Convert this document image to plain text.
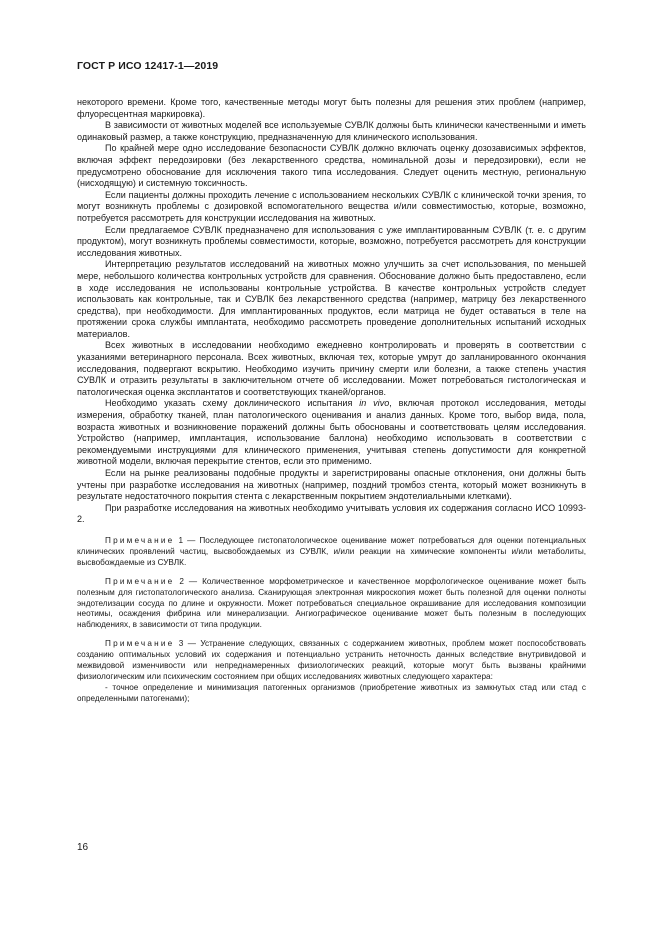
ГОСТ Р ИСО 12417-1—2019

некоторого времени. Кроме того, качественные методы могут быть полезны для решения этих проблем (например, флуоресцентная маркировка).

В зависимости от животных моделей все используемые СУВЛК должны быть клинически качественными и иметь одинаковый размер, а также конструкцию, предназначенную для клинического использования.

По крайней мере одно исследование безопасности СУВЛК должно включать оценку дозозависимых эффектов, включая эффект передозировки (без лекарственного средства, номинальной дозы и передозировки), если не предусмотрено обоснование для исключения такого типа исследования. Следует оценить местную, региональную (нисходящую) и системную токсичность.

Если пациенты должны проходить лечение с использованием нескольких СУВЛК с клинической точки зрения, то могут возникнуть проблемы с дозировкой вспомогательного вещества и/или совместимостью, которые, возможно, потребуется рассмотреть для конструкции исследования на животных.

Если предлагаемое СУВЛК предназначено для использования с уже имплантированным СУВЛК (т. е. с другим продуктом), могут возникнуть проблемы совместимости, которые, возможно, потребуется рассмотреть для конструкции исследования животных.

Интерпретацию результатов исследований на животных можно улучшить за счет использования, по меньшей мере, небольшого количества контрольных устройств для сравнения. Обоснование должно быть предоставлено, если в ходе исследования не использованы контрольные устройства. В качестве контрольных устройств следует использовать как контрольные, так и СУВЛК без лекарственного средства (например, матрицу без лекарственного средства), при необходимости. Для имплантированных продуктов, если матрица не будет оставаться в теле на протяжении срока службы имплантата, необходимо рассмотреть проведение дополнительных испытаний исходных материалов.

Всех животных в исследовании необходимо ежедневно контролировать и проверять в соответствии с указаниями ветеринарного персонала. Всех животных, включая тех, которые умрут до запланированного окончания исследования, подвергают вскрытию. Необходимо изучить причину смерти или болезни, а также степень участия СУВЛК и отразить результаты в заключительном отчете об исследовании. Может потребоваться гистологическая и патологическая оценка эксплантатов и соответствующих тканей/органов.

Необходимо указать схему доклинического испытания in vivo, включая протокол исследования, методы измерения, обработку тканей, план патологического оценивания и анализ данных. Кроме того, выбор вида, пола, возраста животных и возникновение поражений должны быть обоснованы и соответствовать целям исследования. Устройство (например, имплантация, использование баллона) необходимо использовать в соответствии с рекомендуемыми инструкциями для клинического применения, учитывая степень допустимости для конкретной животной модели, включая перекрытие стентов, если это применимо.

Если на рынке реализованы подобные продукты и зарегистрированы опасные отклонения, они должны быть учтены при разработке исследования на животных (например, поздний тромбоз стента, который может возникнуть в результате недостаточного покрытия стента с лекарственным покрытием эндотелиальными клетками).

При разработке исследования на животных необходимо учитывать условия их содержания согласно ИСО 10993-2.

Примечание 1 — Последующее гистопатологическое оценивание может потребоваться для оценки потенциальных клинических проявлений частиц, высвобождаемых из СУВЛК, и/или реакции на химические компоненты и/или метаболиты, высвобождаемые из СУВЛК.

Примечание 2 — Количественное морфометрическое и качественное морфологическое оценивание может быть полезным для гистопатологического анализа. Сканирующая электронная микроскопия может быть полезной для оценки полноты эндотелизации сосуда по длине и окружности. Может потребоваться специальное окрашивание для исследования композиции неотимы, осаждения фибрина или минерализации. Ангиографическое оценивание может быть полезным в последующих наблюдениях, в зависимости от типа продукции.

Примечание 3 — Устранение следующих, связанных с содержанием животных, проблем может поспособствовать созданию оптимальных условий их содержания и потенциально устранить неточность данных вследствие внутривидовой и межвидовой изменчивости или непреднамеренных физиологических реакций, которые могут быть вызваны крайними физиологическим или психическим состоянием при общих исследованиях животных следующего характера:

- точное определение и минимизация патогенных организмов (приобретение животных из замкнутых стад или стад с определенными патогенами);

16
